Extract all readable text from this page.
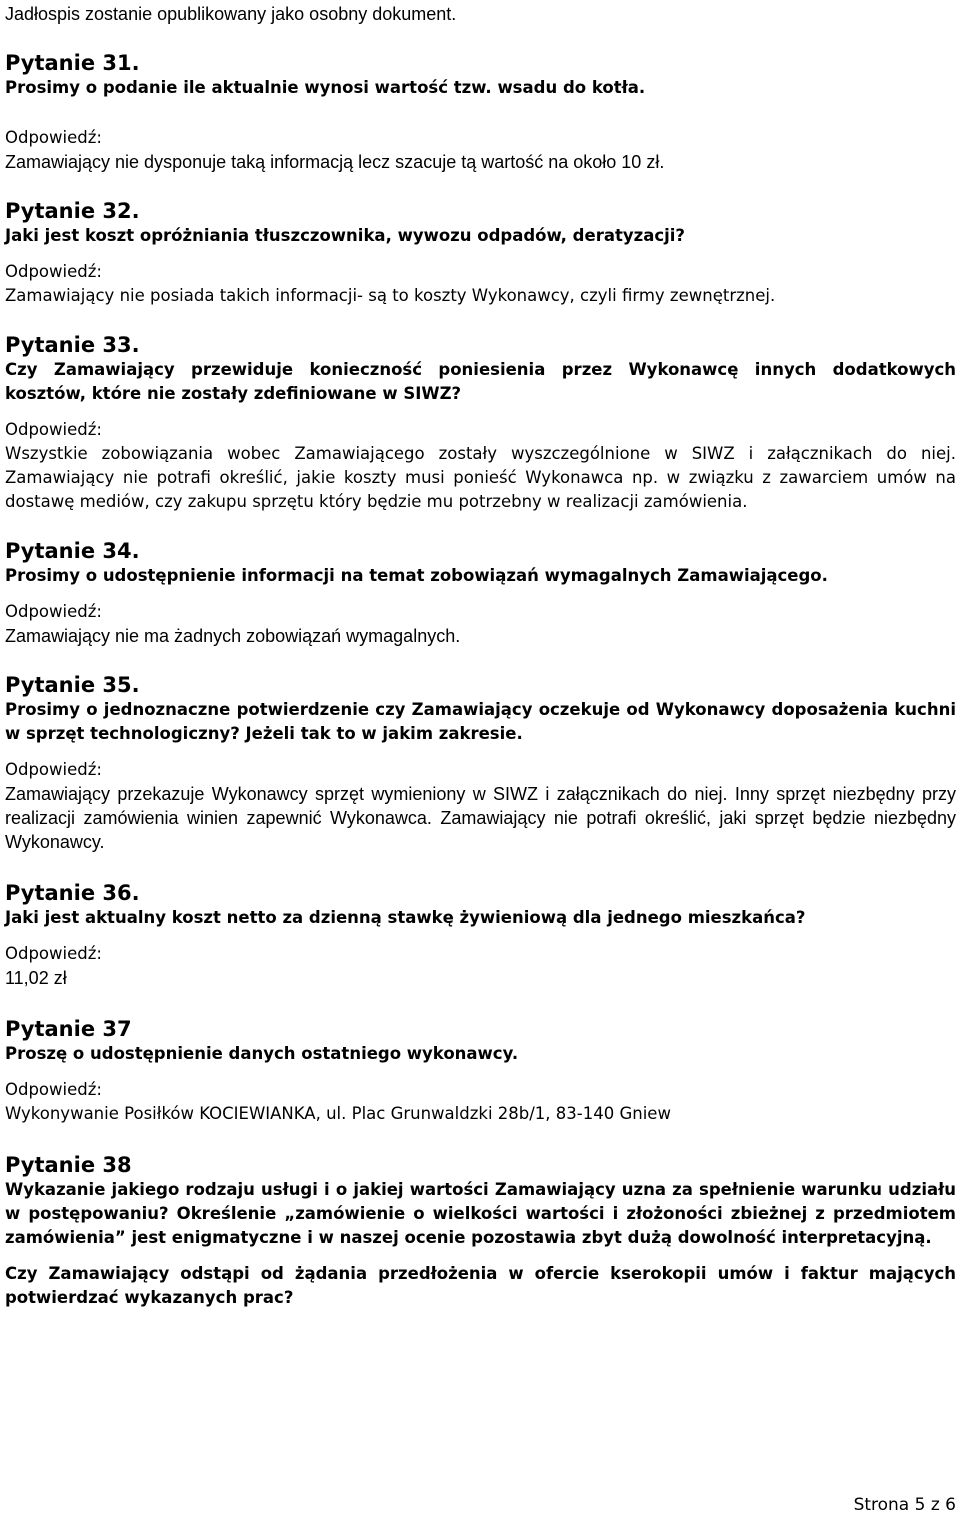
Jadłospis zostanie opublikowany jako osobny dokument.

Pytanie 31.

Prosimy o podanie ile aktualnie wynosi wartość tzw. wsadu do kotła.

Odpowiedź:

Zamawiający nie dysponuje taką informacją lecz szacuje tą wartość na około 10 zł.

Pytanie 32.

Jaki jest koszt opróżniania tłuszczownika, wywozu odpadów, deratyzacji?

Odpowiedź:

Zamawiający nie posiada takich informacji- są to koszty Wykonawcy, czyli firmy zewnętrznej.

Pytanie 33.

Czy Zamawiający przewiduje konieczność poniesienia przez Wykonawcę innych dodatkowych kosztów, które nie zostały zdefiniowane w SIWZ?

Odpowiedź:

Wszystkie zobowiązania wobec Zamawiającego zostały wyszczególnione w SIWZ i załącznikach do niej. Zamawiający nie potrafi określić, jakie koszty musi ponieść Wykonawca np. w związku z zawarciem umów na dostawę mediów, czy zakupu sprzętu który będzie mu potrzebny w realizacji zamówienia.

Pytanie 34.

Prosimy o udostępnienie informacji na temat zobowiązań wymagalnych Zamawiającego.

Odpowiedź:

Zamawiający nie ma żadnych zobowiązań wymagalnych.

Pytanie 35.

Prosimy o jednoznaczne potwierdzenie czy Zamawiający oczekuje od Wykonawcy doposażenia kuchni w sprzęt technologiczny? Jeżeli tak to w jakim zakresie.

Odpowiedź:

Zamawiający przekazuje Wykonawcy sprzęt wymieniony w SIWZ i załącznikach do niej. Inny sprzęt niezbędny przy realizacji zamówienia winien zapewnić Wykonawca. Zamawiający nie potrafi określić, jaki sprzęt będzie niezbędny Wykonawcy.

Pytanie 36.

Jaki jest aktualny koszt netto za dzienną stawkę żywieniową dla jednego mieszkańca?

Odpowiedź:

11,02 zł

Pytanie 37

Proszę o udostępnienie danych ostatniego wykonawcy.

Odpowiedź:

Wykonywanie Posiłków KOCIEWIANKA, ul. Plac Grunwaldzki 28b/1, 83-140 Gniew

Pytanie 38

Wykazanie jakiego rodzaju usługi i o jakiej wartości Zamawiający uzna za spełnienie warunku udziału w postępowaniu? Określenie „zamówienie o wielkości wartości i złożoności zbieżnej z przedmiotem zamówienia” jest enigmatyczne i w naszej ocenie pozostawia zbyt dużą dowolność interpretacyjną.

Czy Zamawiający odstąpi od żądania przedłożenia w ofercie kserokopii umów i faktur mających potwierdzać wykazanych prac?

Strona 5 z 6
